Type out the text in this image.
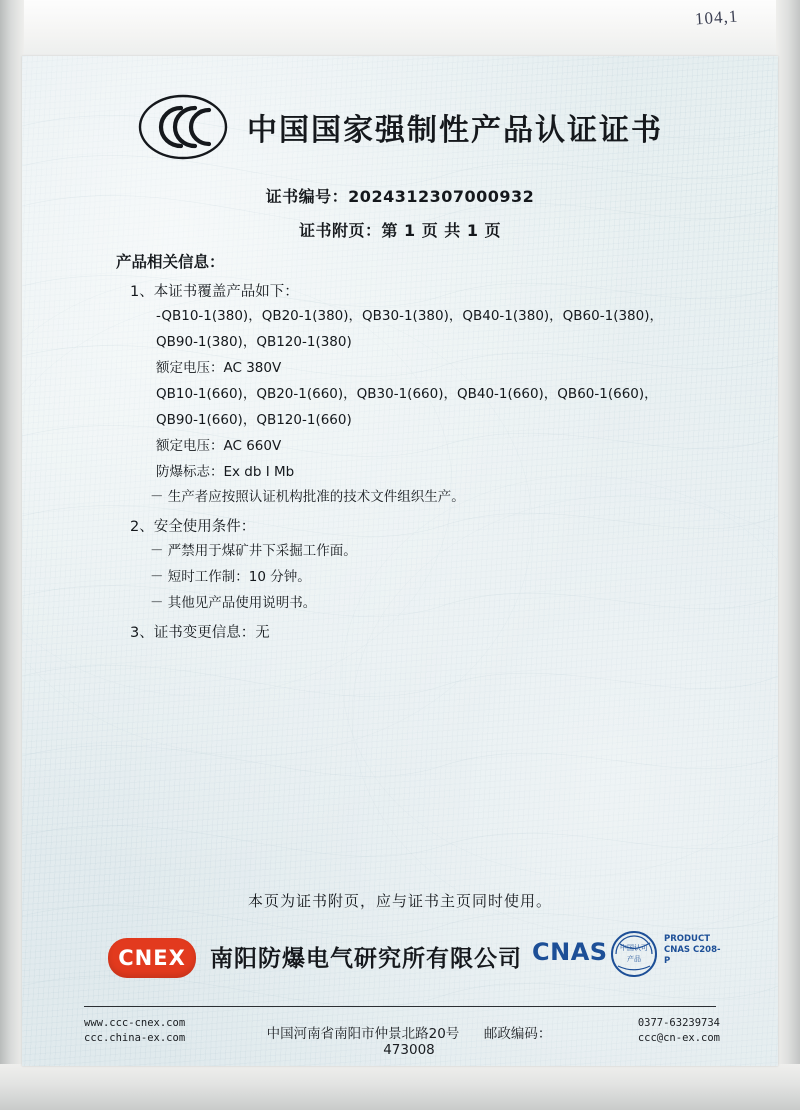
104,1
中国国家强制性产品认证证书
证书编号：2024312307000932
证书附页：第 1 页 共 1 页
产品相关信息：
1、本证书覆盖产品如下：
-QB10-1(380)，QB20-1(380)，QB30-1(380)，QB40-1(380)，QB60-1(380)，
QB90-1(380)，QB120-1(380)
额定电压：AC 380V
QB10-1(660)，QB20-1(660)，QB30-1(660)，QB40-1(660)，QB60-1(660)，
QB90-1(660)，QB120-1(660)
额定电压：AC 660V
防爆标志：Ex db Ⅰ Mb
－ 生产者应按照认证机构批准的技术文件组织生产。
2、安全使用条件：
－ 严禁用于煤矿井下采掘工作面。
－ 短时工作制：10 分钟。
－ 其他见产品使用说明书。
3、证书变更信息：无
本页为证书附页，应与证书主页同时使用。
CNEX	南阳防爆电气研究所有限公司 CNAS 中国认可
产品
PRODUCT
CNAS C208-P
www.ccc-cnex.com
ccc.china-ex.com	中国河南省南阳市仲景北路20号 邮政编码：473008
0377-63239734
ccc@cn-ex.com
